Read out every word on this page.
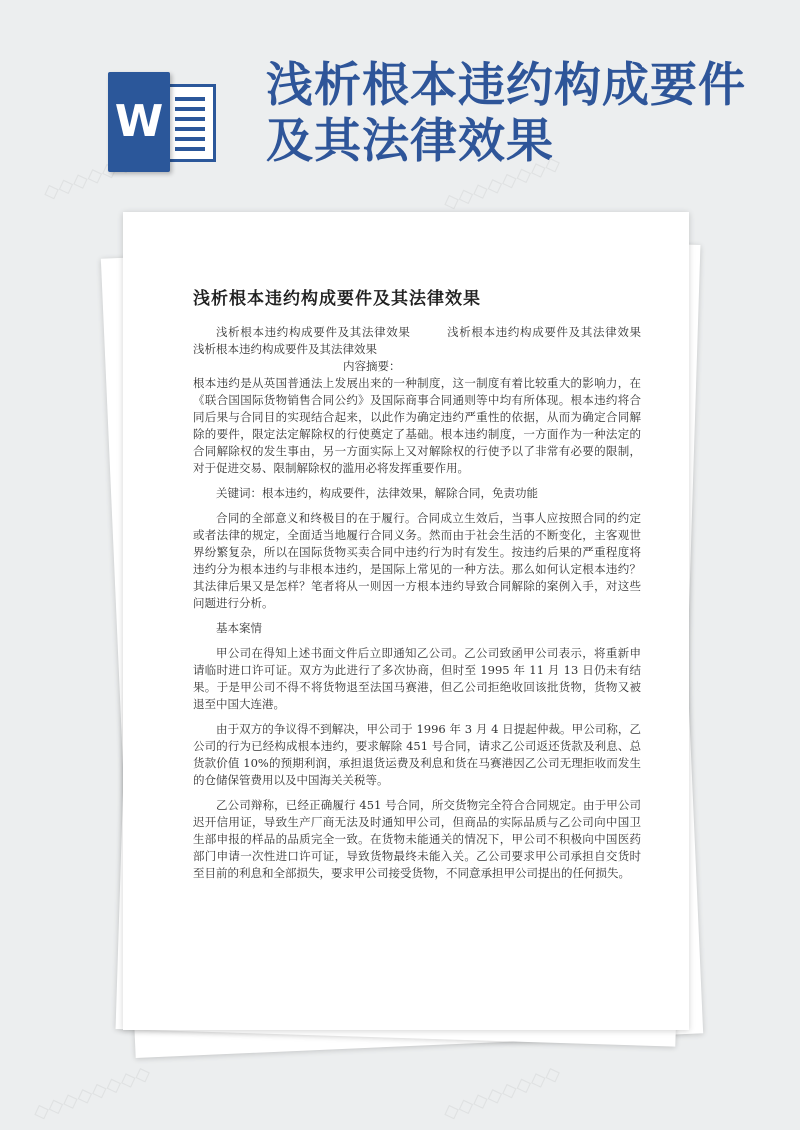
◇◇◇◇◇◇◇◇	◇◇◇◇◇◇◇◇
◇◇◇◇◇◇◇◇	◇◇◇◇◇◇◇◇
W
浅析根本违约构成要件及其法律效果
浅析根本违约构成要件及其法律效果

浅析根本违约构成要件及其法律效果　　　浅析根本违约构成要件及其法律效果　　　　　　　　浅析根本违约构成要件及其法律效果

内容摘要：

根本违约是从英国普通法上发展出来的一种制度，这一制度有着比较重大的影响力，在《联合国国际货物销售合同公约》及国际商事合同通则等中均有所体现。根本违约将合同后果与合同目的实现结合起来，以此作为确定违约严重性的依据，从而为确定合同解除的要件，限定法定解除权的行使奠定了基础。根本违约制度，一方面作为一种法定的合同解除权的发生事由，另一方面实际上又对解除权的行使予以了非常有必要的限制，对于促进交易、限制解除权的滥用必将发挥重要作用。

关键词：根本违约，构成要件，法律效果，解除合同，免责功能

合同的全部意义和终极目的在于履行。合同成立生效后，当事人应按照合同的约定或者法律的规定，全面适当地履行合同义务。然而由于社会生活的不断变化，主客观世界纷繁复杂，所以在国际货物买卖合同中违约行为时有发生。按违约后果的严重程度将违约分为根本违约与非根本违约，是国际上常见的一种方法。那么如何认定根本违约？其法律后果又是怎样？笔者将从一则因一方根本违约导致合同解除的案例入手，对这些问题进行分析。

基本案情

甲公司在得知上述书面文件后立即通知乙公司。乙公司致函甲公司表示，将重新申请临时进口许可证。双方为此进行了多次协商，但时至 1995 年 11 月 13 日仍未有结果。于是甲公司不得不将货物退至法国马赛港，但乙公司拒绝收回该批货物，货物又被退至中国大连港。

由于双方的争议得不到解决，甲公司于 1996 年 3 月 4 日提起仲裁。甲公司称，乙公司的行为已经构成根本违约，要求解除 451 号合同，请求乙公司返还货款及利息、总货款价值 10%的预期利润，承担退货运费及利息和货在马赛港因乙公司无理拒收而发生的仓储保管费用以及中国海关关税等。

乙公司辩称，已经正确履行 451 号合同，所交货物完全符合合同规定。由于甲公司迟开信用证，导致生产厂商无法及时通知甲公司，但商品的实际品质与乙公司向中国卫生部申报的样品的品质完全一致。在货物未能通关的情况下，甲公司不积极向中国医药部门申请一次性进口许可证，导致货物最终未能入关。乙公司要求甲公司承担自交货时至目前的利息和全部损失，要求甲公司接受货物，不同意承担甲公司提出的任何损失。
